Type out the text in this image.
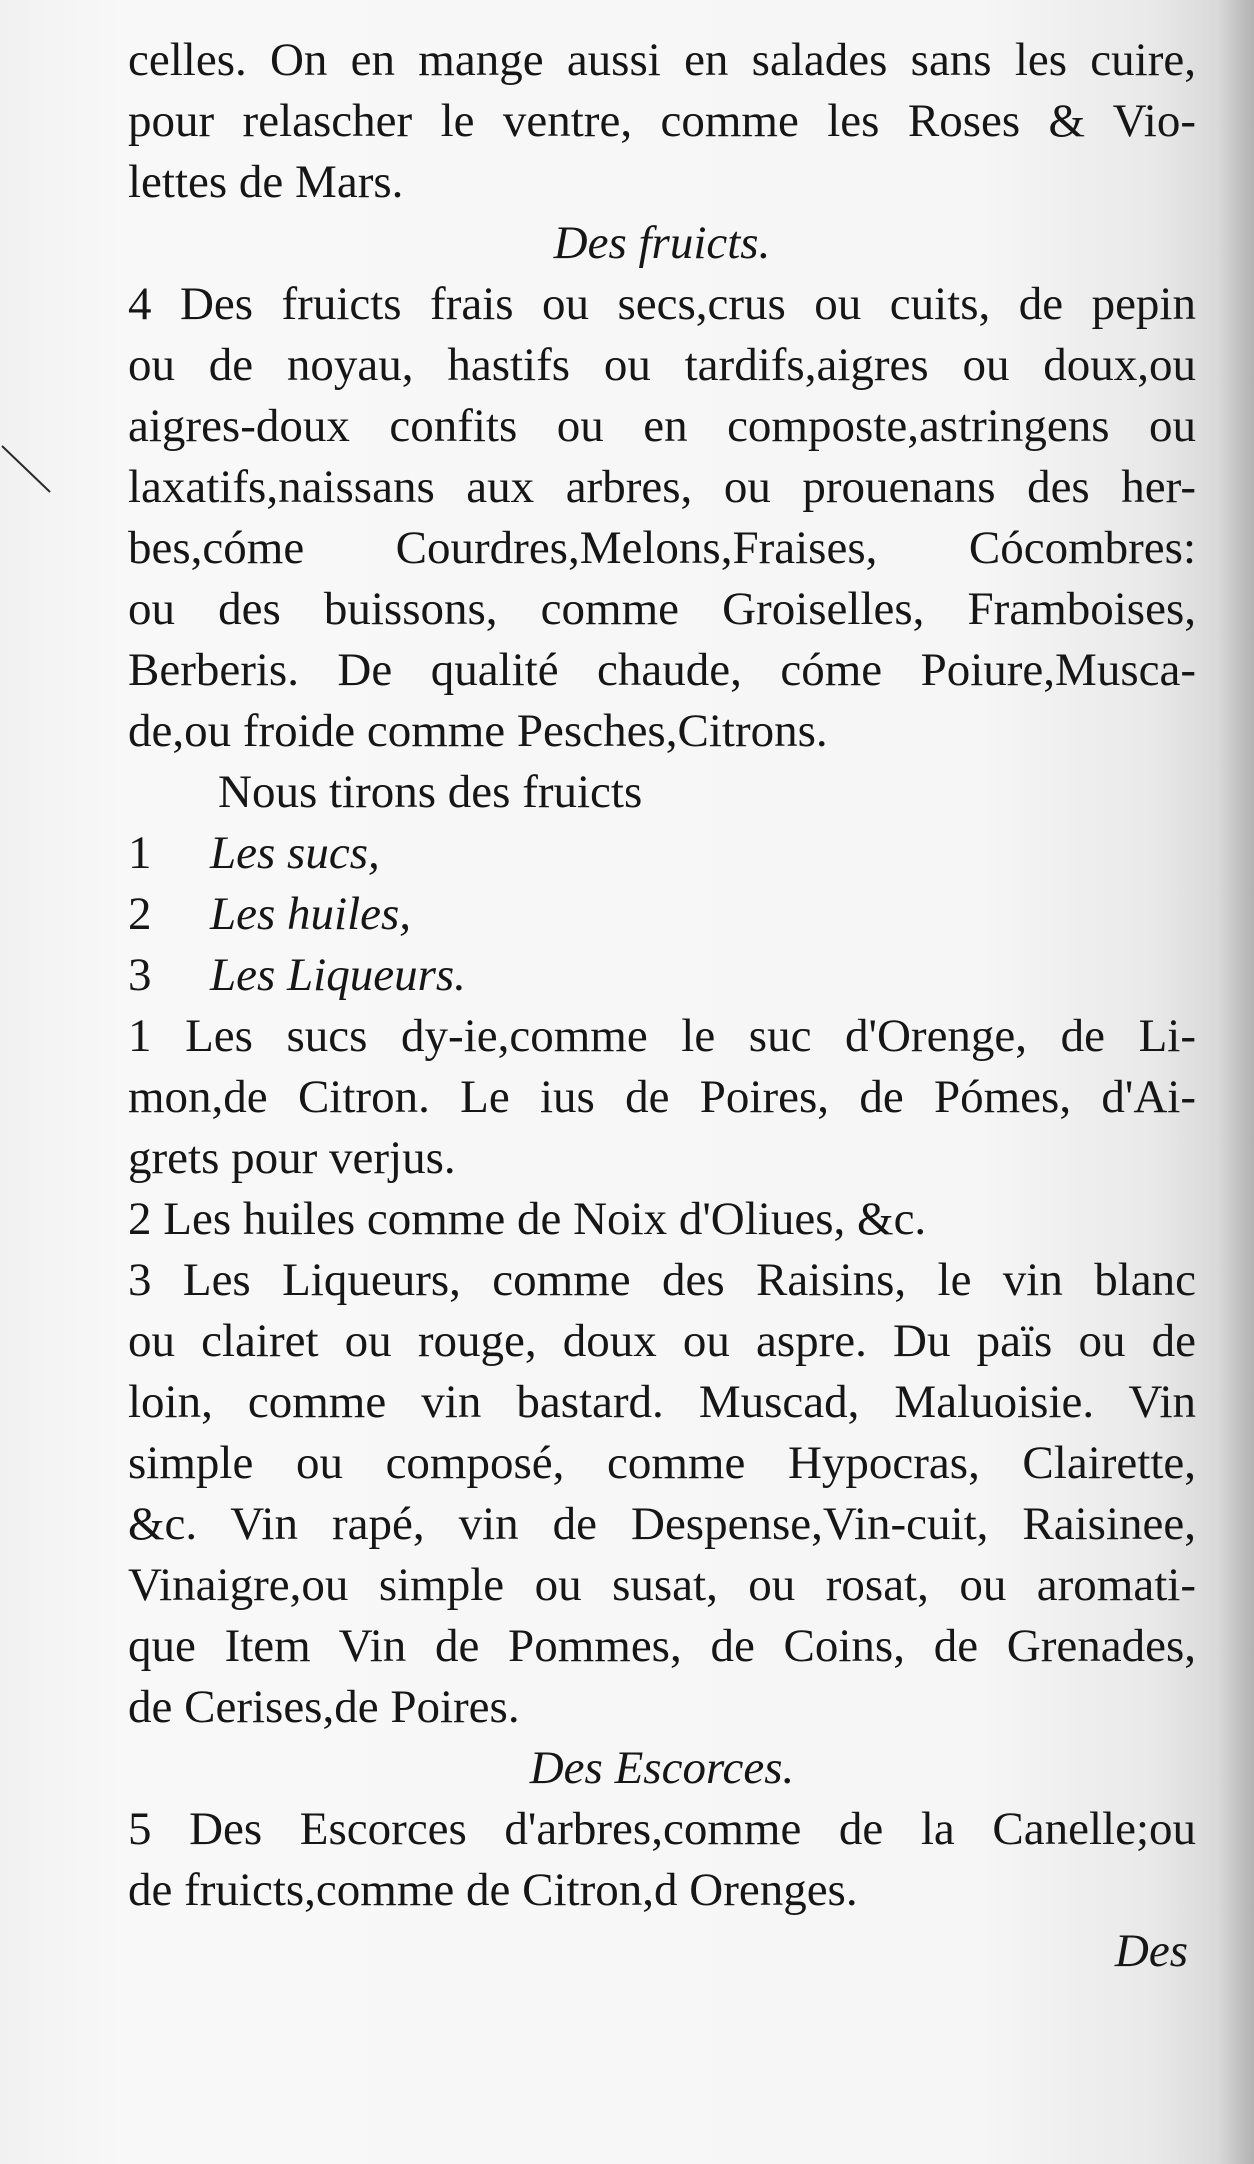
celles. On en mange aussi en salades sans les cuire,
pour relascher le ventre, comme les Roses & Vio-
lettes de Mars.
Des fruicts.
4 Des fruicts frais ou secs,crus ou cuits, de pepin
ou de noyau, hastifs ou tardifs,aigres ou doux,ou
aigres-doux confits ou en composte,astringens ou
laxatifs,naissans aux arbres, ou prouenans des her-
bes,cóme Courdres,Melons,Fraises, Cócombres:
ou des buissons, comme Groiselles, Framboises,
Berberis. De qualité chaude, cóme Poiure,Musca-
de,ou froide comme Pesches,Citrons.
Nous tirons des fruicts
1 Les sucs,
2 Les huiles,
3 Les Liqueurs.
1 Les sucs dy-ie,comme le suc d'Orenge, de Li-
mon,de Citron. Le ius de Poires, de Pómes, d'Ai-
grets pour verjus.
2 Les huiles comme de Noix d'Oliues, &c.
3 Les Liqueurs, comme des Raisins, le vin blanc
ou clairet ou rouge, doux ou aspre. Du païs ou de
loin, comme vin bastard. Muscad, Maluoisie. Vin
simple ou composé, comme Hypocras, Clairette,
&c. Vin rapé, vin de Despense,Vin-cuit, Raisinee,
Vinaigre,ou simple ou susat, ou rosat, ou aromati-
que Item Vin de Pommes, de Coins, de Grenades,
de Cerises,de Poires.
Des Escorces.
5 Des Escorces d'arbres,comme de la Canelle;ou
de fruicts,comme de Citron,d Orenges.
Des
